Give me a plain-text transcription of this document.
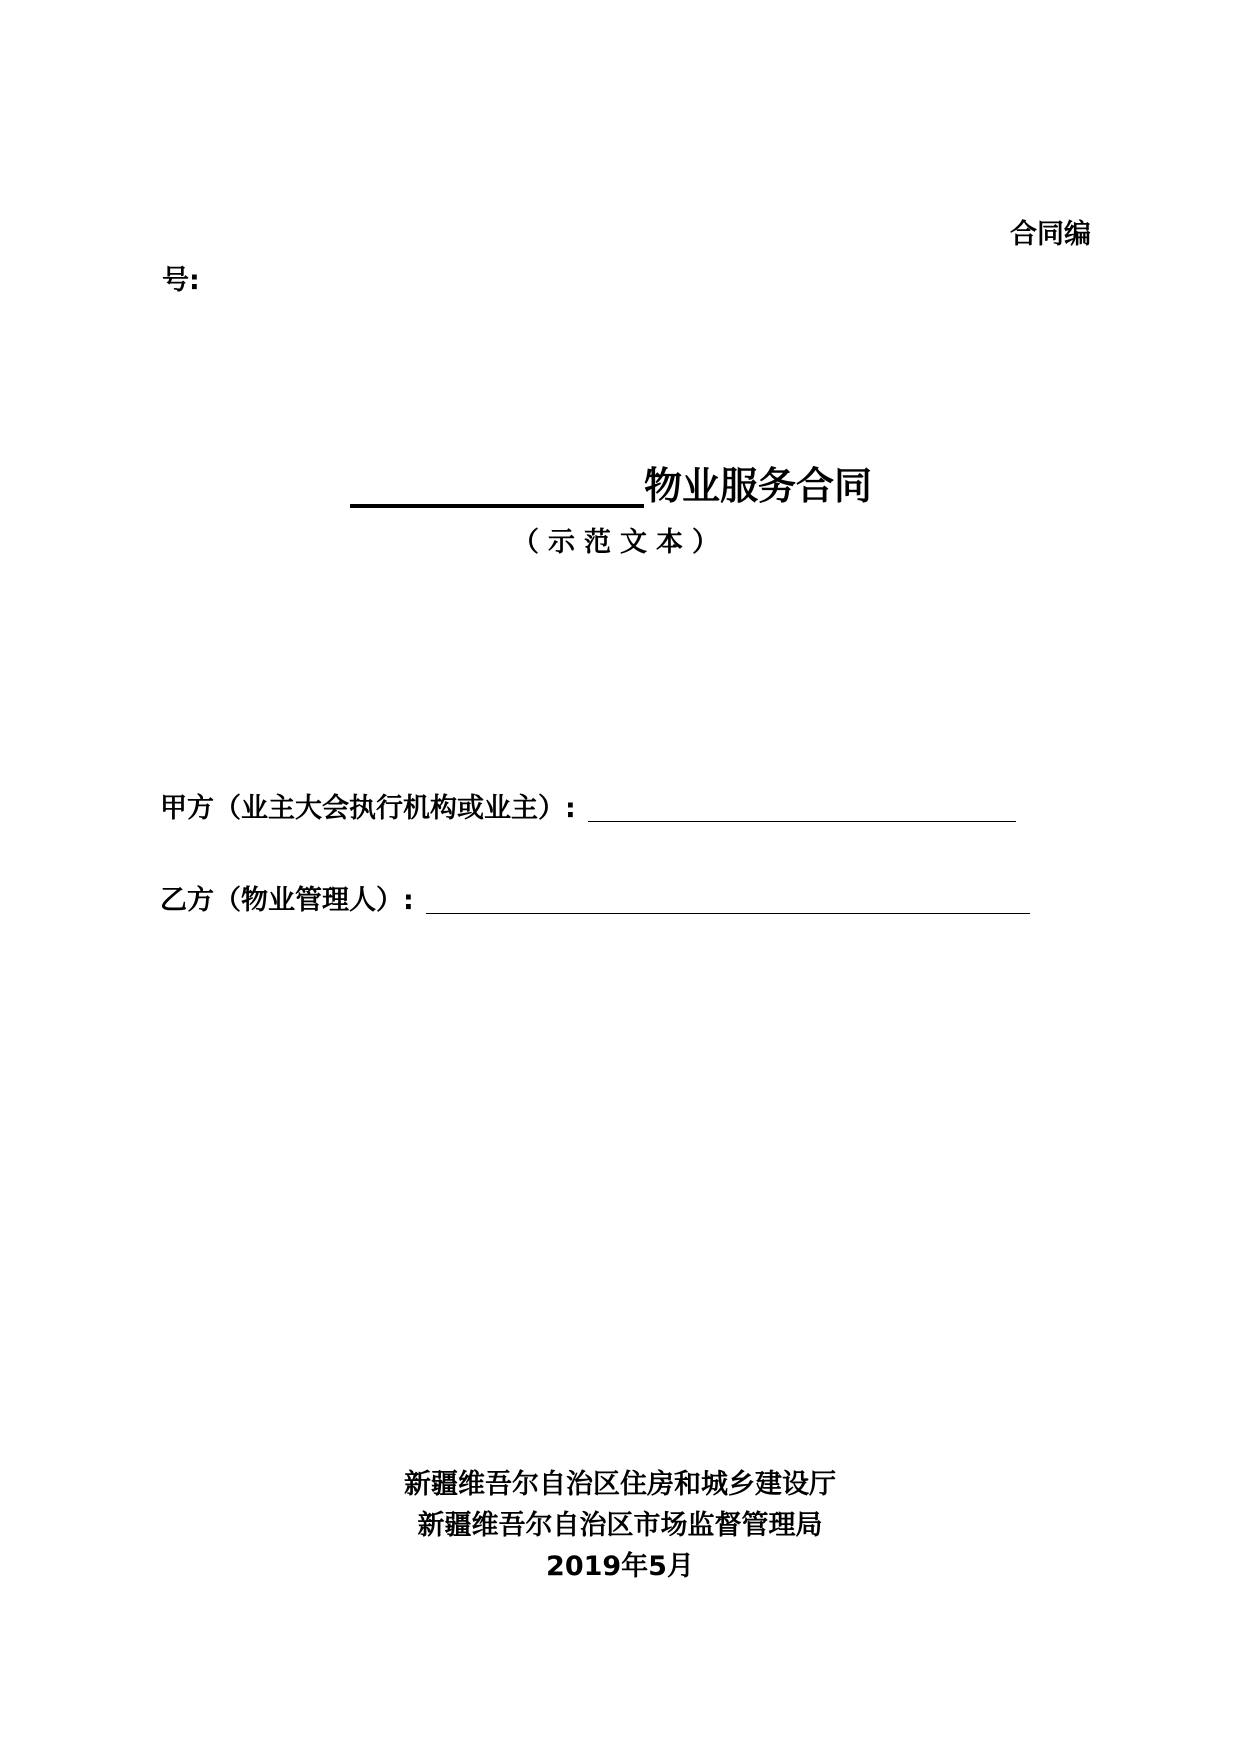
合同编
号:
物业服务合同
（示范文本）
甲方（业主大会执行机构或业主）:
乙方（物业管理人）:
新疆维吾尔自治区住房和城乡建设厅
新疆维吾尔自治区市场监督管理局
2019年5月
